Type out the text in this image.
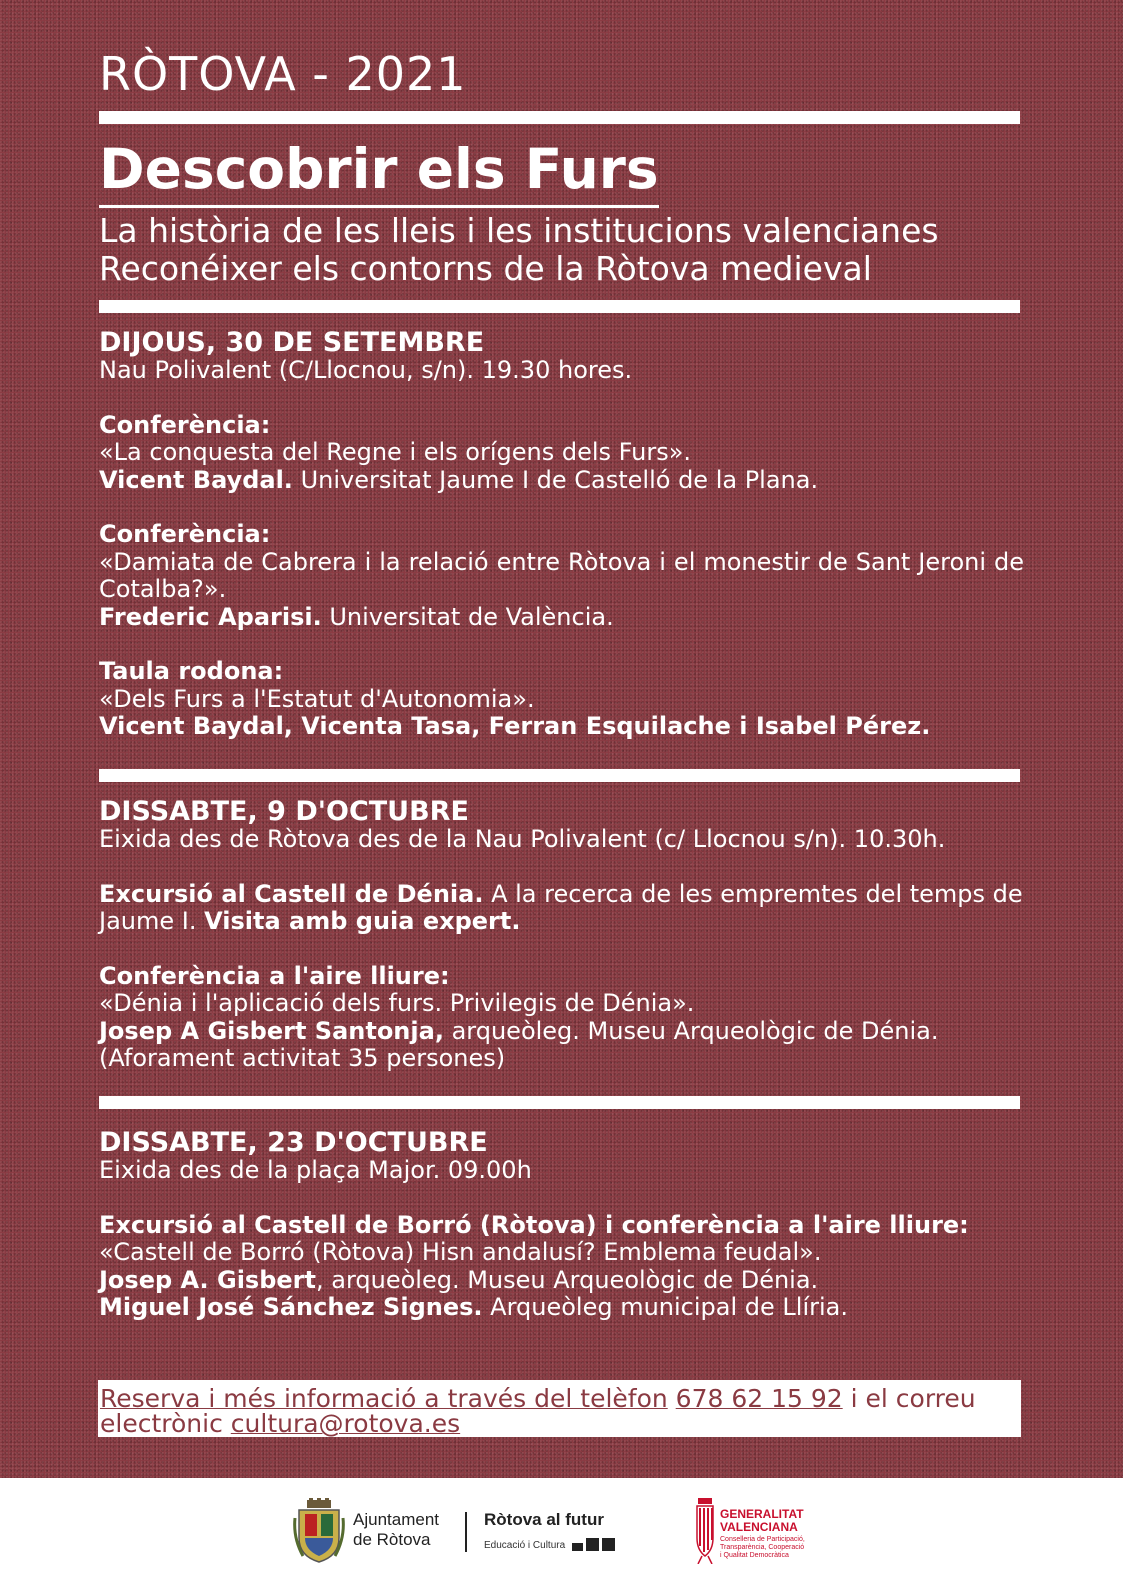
RÒTOVA - 2021
Descobrir els Furs
La història de les lleis i les institucions valencianes
Reconéixer els contorns de la Ròtova medieval

DIJOUS, 30 DE SETEMBRE

Nau Polivalent (C/Llocnou, s/n). 19.30 hores.

Conferència:

«La conquesta del Regne i els orígens dels Furs».

Vicent Baydal. Universitat Jaume I de Castelló de la Plana.

Conferència:

«Damiata de Cabrera i la relació entre Ròtova i el monestir de Sant Jeroni de Cotalba?».

Frederic Aparisi. Universitat de València.

Taula rodona:

«Dels Furs a l'Estatut d'Autonomia».

Vicent Baydal, Vicenta Tasa, Ferran Esquilache i Isabel Pérez.

DISSABTE, 9 D'OCTUBRE

Eixida des de Ròtova des de la Nau Polivalent (c/ Llocnou s/n). 10.30h.

Excursió al Castell de Dénia. A la recerca de les empremtes del temps de Jaume I. Visita amb guia expert.

Conferència a l'aire lliure:

«Dénia i l'aplicació dels furs. Privilegis de Dénia».

Josep A Gisbert Santonja, arqueòleg. Museu Arqueològic de Dénia.

(Aforament activitat 35 persones)

DISSABTE, 23 D'OCTUBRE

Eixida des de la plaça Major. 09.00h

Excursió al Castell de Borró (Ròtova) i conferència a l'aire lliure:

«Castell de Borró (Ròtova) Hisn andalusí? Emblema feudal».

Josep A. Gisbert, arqueòleg. Museu Arqueològic de Dénia.

Miguel José Sánchez Signes. Arqueòleg municipal de Llíria.

Reserva i més informació a través del telèfon 678 62 15 92 i el correu electrònic cultura@rotova.es
Ajuntament
de Ròtova
Ròtova al futur
Educació i Cultura
GENERALITAT
VALENCIANA
Conselleria de Participació,
Transparència, Cooperació
i Qualitat Democràtica
